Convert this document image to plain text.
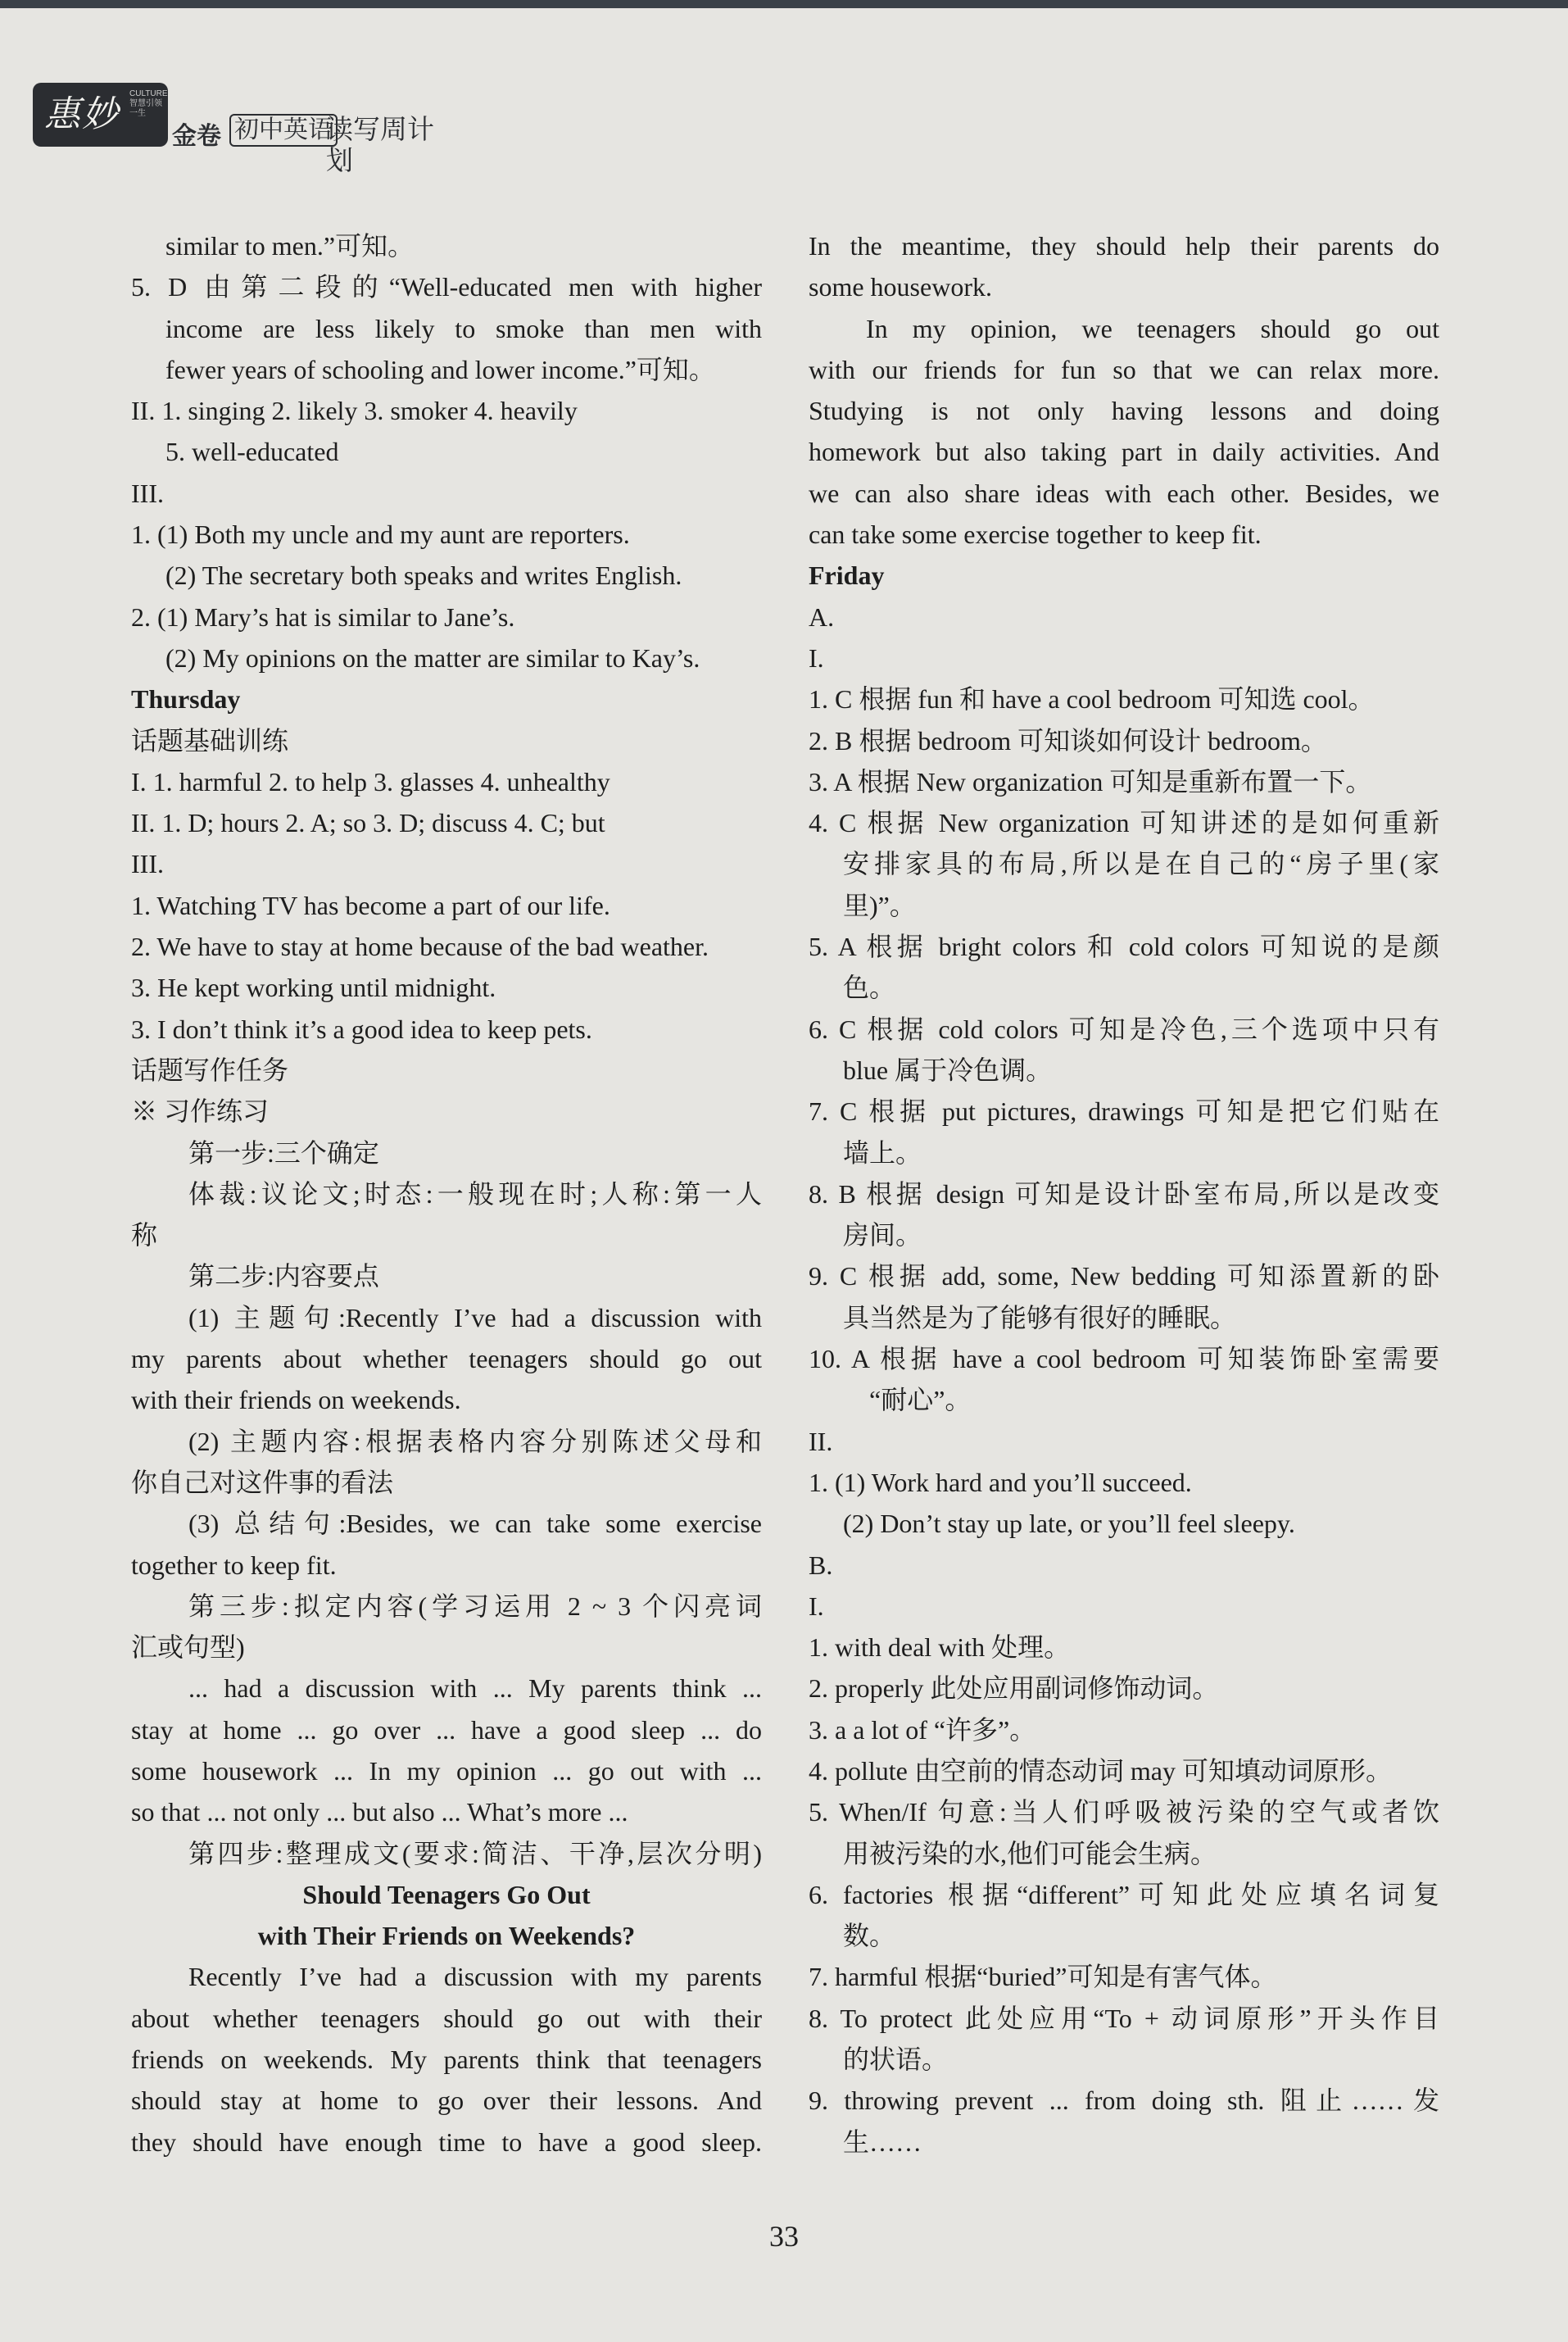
惠妙 CULTURE 智慧引领一生
金卷 初中英语
读写周计划
similar to men.”可知。
5. D 由第二段的“Well-educated men with higher
income are less likely to smoke than men with
fewer years of schooling and lower income.”可知。
II. 1. singing 2. likely 3. smoker 4. heavily
5. well-educated
III.
1. (1) Both my uncle and my aunt are reporters.
(2) The secretary both speaks and writes English.
2. (1) Mary’s hat is similar to Jane’s.
(2) My opinions on the matter are similar to Kay’s.
Thursday
话题基础训练
I. 1. harmful 2. to help 3. glasses 4. unhealthy
II. 1. D; hours 2. A; so 3. D; discuss 4. C; but
III.
1. Watching TV has become a part of our life.
2. We have to stay at home because of the bad weather.
3. He kept working until midnight.
3. I don’t think it’s a good idea to keep pets.
话题写作任务
※ 习作练习
第一步:三个确定
体裁:议论文;时态:一般现在时;人称:第一人
称
第二步:内容要点
(1) 主题句:Recently I’ve had a discussion with
my parents about whether teenagers should go out
with their friends on weekends.
(2) 主题内容:根据表格内容分别陈述父母和
你自己对这件事的看法
(3) 总结句:Besides, we can take some exercise
together to keep fit.
第三步:拟定内容(学习运用 2 ~ 3 个闪亮词
汇或句型)
... had a discussion with ... My parents think ...
stay at home ... go over ... have a good sleep ... do
some housework ... In my opinion ... go out with ...
so that ... not only ... but also ... What’s more ...
第四步:整理成文(要求:简洁、干净,层次分明)
Should Teenagers Go Out
with Their Friends on Weekends?
Recently I’ve had a discussion with my parents
about whether teenagers should go out with their
friends on weekends. My parents think that teenagers
should stay at home to go over their lessons. And
they should have enough time to have a good sleep.
In the meantime, they should help their parents do
some housework.
In my opinion, we teenagers should go out
with our friends for fun so that we can relax more.
Studying is not only having lessons and doing
homework but also taking part in daily activities. And
we can also share ideas with each other. Besides, we
can take some exercise together to keep fit.
Friday
A.
I.
1. C 根据 fun 和 have a cool bedroom 可知选 cool。
2. B 根据 bedroom 可知谈如何设计 bedroom。
3. A 根据 New organization 可知是重新布置一下。
4. C 根据 New organization 可知讲述的是如何重新
安排家具的布局,所以是在自己的“房子里(家
里)”。
5. A 根据 bright colors 和 cold colors 可知说的是颜
色。
6. C 根据 cold colors 可知是冷色,三个选项中只有
blue 属于冷色调。
7. C 根据 put pictures, drawings 可知是把它们贴在
墙上。
8. B 根据 design 可知是设计卧室布局,所以是改变
房间。
9. C 根据 add, some, New bedding 可知添置新的卧
具当然是为了能够有很好的睡眠。
10. A 根据 have a cool bedroom 可知装饰卧室需要
“耐心”。
II.
1. (1) Work hard and you’ll succeed.
(2) Don’t stay up late, or you’ll feel sleepy.
B.
I.
1. with deal with 处理。
2. properly 此处应用副词修饰动词。
3. a a lot of “许多”。
4. pollute 由空前的情态动词 may 可知填动词原形。
5. When/If 句意:当人们呼吸被污染的空气或者饮
用被污染的水,他们可能会生病。
6. factories 根据“different”可知此处应填名词复
数。
7. harmful 根据“buried”可知是有害气体。
8. To protect 此处应用“To + 动词原形”开头作目
的状语。
9. throwing prevent ... from doing sth. 阻止……发
生……
33
